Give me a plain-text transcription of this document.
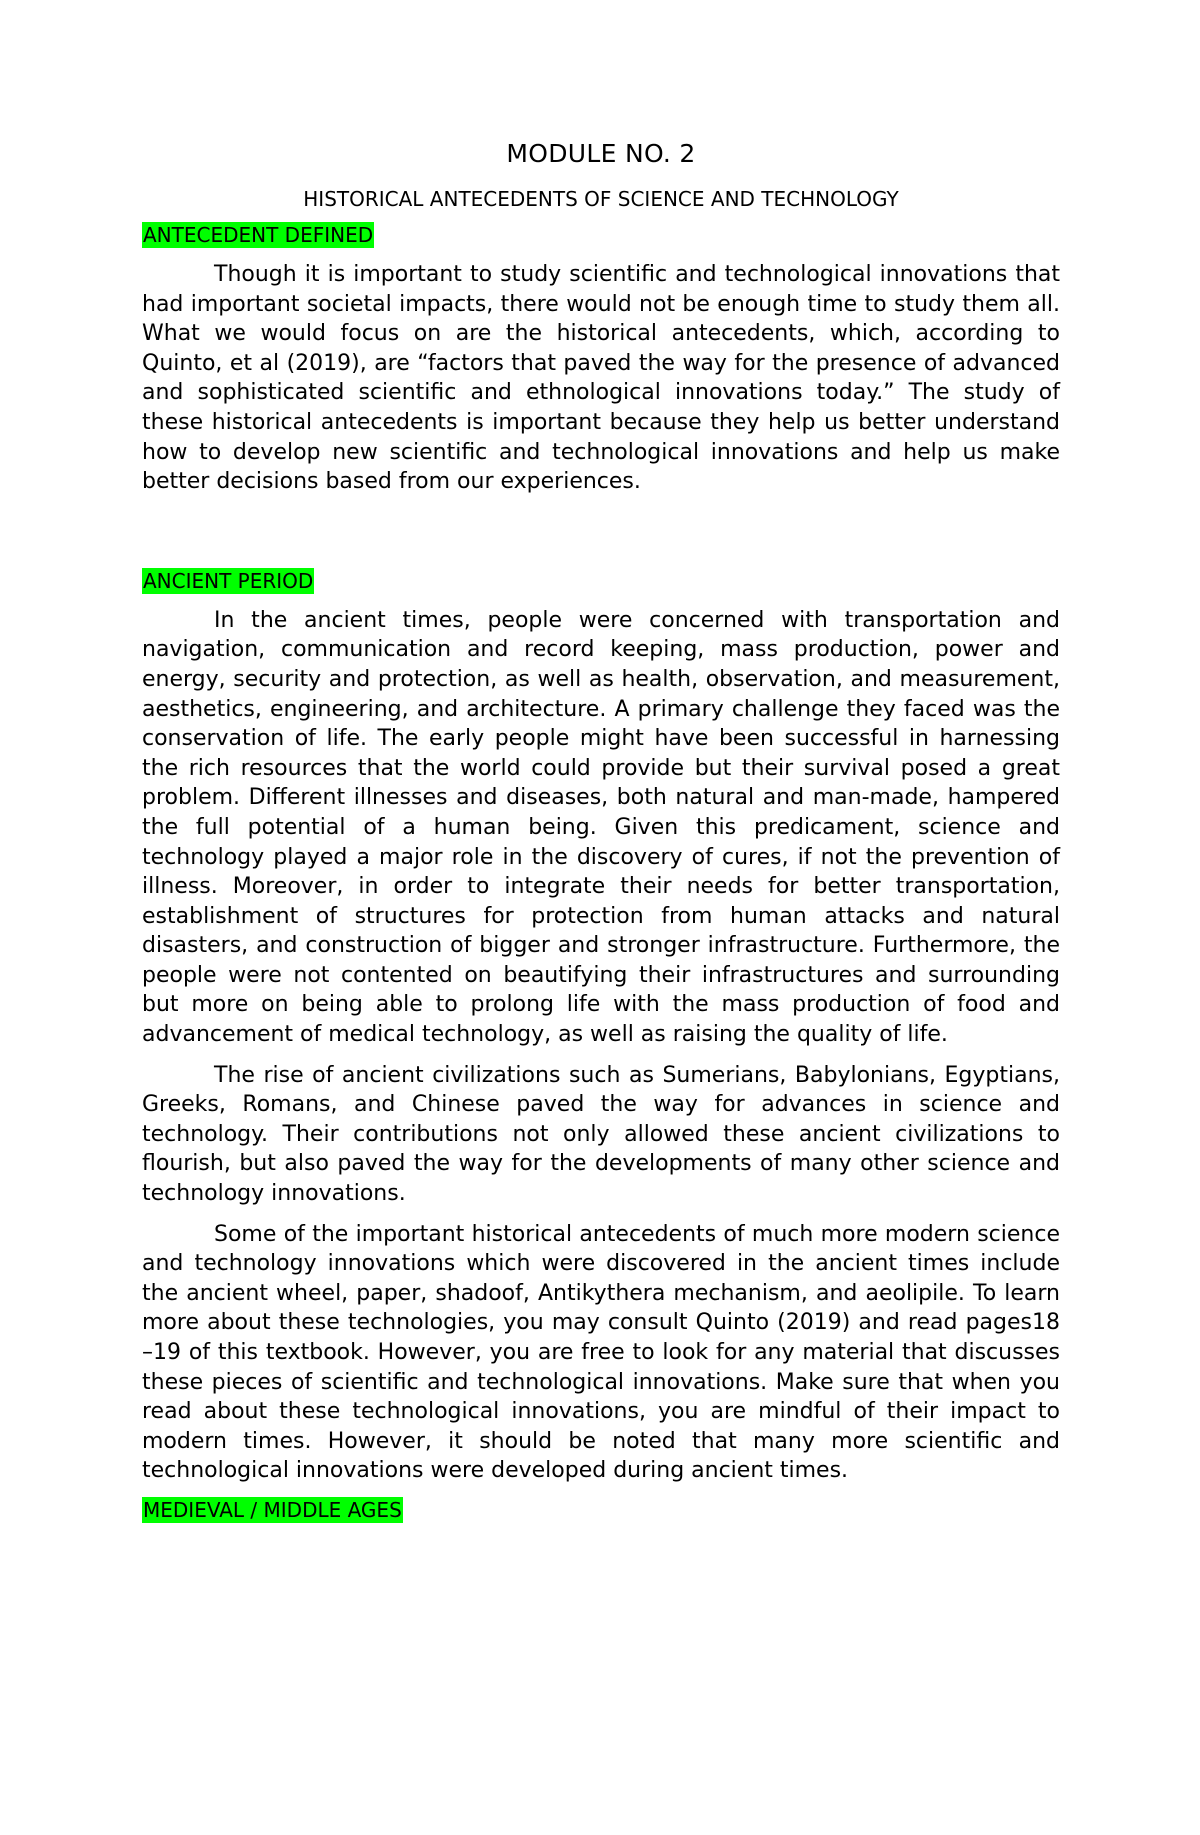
MODULE NO. 2
HISTORICAL ANTECEDENTS OF SCIENCE AND TECHNOLOGY
ANTECEDENT DEFINED

Though it is important to study scientific and technological innovations that had important societal impacts, there would not be enough time to study them all. What we would focus on are the historical antecedents, which, according to Quinto, et al (2019), are “factors that paved the way for the presence of advanced and sophisticated scientific and ethnological innovations today.” The study of these historical antecedents is important because they help us better understand how to develop new scientific and technological innovations and help us make better decisions based from our experiences.

ANCIENT PERIOD

In the ancient times, people were concerned with transportation and navigation, communication and record keeping, mass production, power and energy, security and protection, as well as health, observation, and measurement, aesthetics, engineering, and architecture. A primary challenge they faced was the conservation of life. The early people might have been successful in harnessing the rich resources that the world could provide but their survival posed a great problem. Different illnesses and diseases, both natural and man-made, hampered the full potential of a human being. Given this predicament, science and technology played a major role in the discovery of cures, if not the prevention of illness. Moreover, in order to integrate their needs for better transportation, establishment of structures for protection from human attacks and natural disasters, and construction of bigger and stronger infrastructure. Furthermore, the people were not contented on beautifying their infrastructures and surrounding but more on being able to prolong life with the mass production of food and advancement of medical technology, as well as raising the quality of life.

The rise of ancient civilizations such as Sumerians, Babylonians, Egyptians, Greeks, Romans, and Chinese paved the way for advances in science and technology. Their contributions not only allowed these ancient civilizations to flourish, but also paved the way for the developments of many other science and technology innovations.

Some of the important historical antecedents of much more modern science and technology innovations which were discovered in the ancient times include the ancient wheel, paper, shadoof, Antikythera mechanism, and aeolipile. To learn more about these technologies, you may consult Quinto (2019) and read pages18 –19 of this textbook. However, you are free to look for any material that discusses these pieces of scientific and technological innovations. Make sure that when you read about these technological innovations, you are mindful of their impact to modern times. However, it should be noted that many more scientific and technological innovations were developed during ancient times.

MEDIEVAL / MIDDLE AGES
